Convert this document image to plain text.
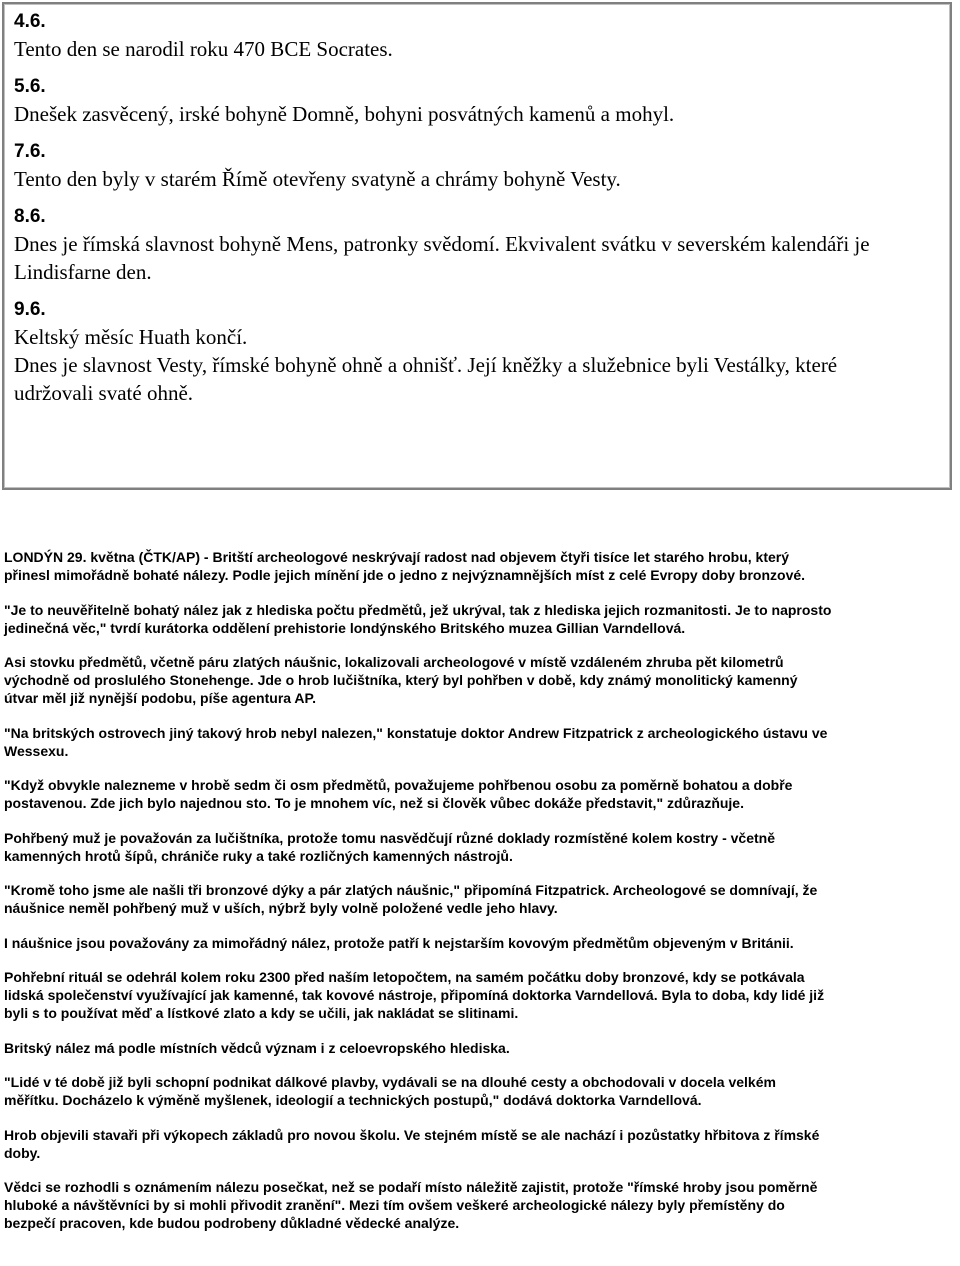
4.6.
Tento den se narodil roku 470 BCE Socrates.
5.6.
Dnešek zasvěcený, irské bohyně Domně, bohyni posvátných kamenů a mohyl.
7.6.
Tento den byly v starém Římě otevřeny svatyně a chrámy bohyně Vesty.
8.6.
Dnes je římská slavnost bohyně Mens, patronky svědomí. Ekvivalent svátku v severském kalendáři je
Lindisfarne den.
9.6.
Keltský měsíc Huath končí.
Dnes je slavnost Vesty, římské bohyně ohně a ohnišť. Její kněžky a služebnice byli Vestálky, které
udržovali svaté ohně.

LONDÝN 29. května (ČTK/AP) - Britští archeologové neskrývají radost nad objevem čtyři tisíce let starého hrobu, který
přinesl mimořádně bohaté nálezy. Podle jejich mínění jde o jedno z nejvýznamnějších míst z celé Evropy doby bronzové.

"Je to neuvěřitelně bohatý nález jak z hlediska počtu předmětů, jež ukrýval, tak z hlediska jejich rozmanitosti. Je to naprosto
jedinečná věc," tvrdí kurátorka oddělení prehistorie londýnského Britského muzea Gillian Varndellová.

Asi stovku předmětů, včetně páru zlatých náušnic, lokalizovali archeologové v místě vzdáleném zhruba pět kilometrů
východně od proslulého Stonehenge. Jde o hrob lučištníka, který byl pohřben v době, kdy známý monolitický kamenný
útvar měl již nynější podobu, píše agentura AP.

"Na britských ostrovech jiný takový hrob nebyl nalezen," konstatuje doktor Andrew Fitzpatrick z archeologického ústavu ve
Wessexu.

"Když obvykle nalezneme v hrobě sedm či osm předmětů, považujeme pohřbenou osobu za poměrně bohatou a dobře
postavenou. Zde jich bylo najednou sto. To je mnohem víc, než si člověk vůbec dokáže představit," zdůrazňuje.

Pohřbený muž je považován za lučištníka, protože tomu nasvědčují různé doklady rozmístěné kolem kostry - včetně
kamenných hrotů šípů, chrániče ruky a také rozličných kamenných nástrojů.

"Kromě toho jsme ale našli tři bronzové dýky a pár zlatých náušnic," připomíná Fitzpatrick. Archeologové se domnívají, že
náušnice neměl pohřbený muž v uších, nýbrž byly volně položené vedle jeho hlavy.

I náušnice jsou považovány za mimořádný nález, protože patří k nejstarším kovovým předmětům objeveným v Británii.

Pohřební rituál se odehrál kolem roku 2300 před naším letopočtem, na samém počátku doby bronzové, kdy se potkávala
lidská společenství využívající jak kamenné, tak kovové nástroje, připomíná doktorka Varndellová. Byla to doba, kdy lidé již
byli s to používat měď a lístkové zlato a kdy se učili, jak nakládat se slitinami.

Britský nález má podle místních vědců význam i z celoevropského hlediska.

"Lidé v té době již byli schopní podnikat dálkové plavby, vydávali se na dlouhé cesty a obchodovali v docela velkém
měřítku. Docházelo k výměně myšlenek, ideologií a technických postupů," dodává doktorka Varndellová.

Hrob objevili stavaři při výkopech základů pro novou školu. Ve stejném místě se ale nachází i pozůstatky hřbitova z římské
doby.

Vědci se rozhodli s oznámením nálezu posečkat, než se podaří místo náležitě zajistit, protože "římské hroby jsou poměrně
hluboké a návštěvníci by si mohli přivodit zranění". Mezi tím ovšem veškeré archeologické nálezy byly přemístěny do
bezpečí pracoven, kde budou podrobeny důkladné vědecké analýze.
